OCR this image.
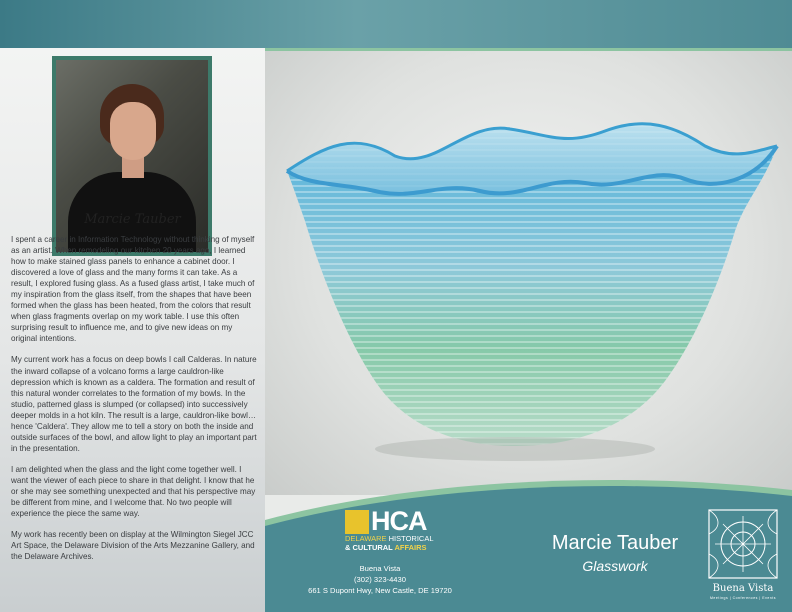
Marcie Tauber

I spent a career in Information Technology without thinking of myself as an artist. When remodeling our kitchen 20 years ago, I learned how to make stained glass panels to enhance a cabinet door. I discovered a love of glass and the many forms it can take. As a result, I explored fusing glass. As a fused glass artist, I take much of my inspiration from the glass itself, from the shapes that have been formed when the glass has been heated, from the colors that result when glass fragments overlap on my work table. I use this often surprising result to influence me, and to give new ideas on my original intentions.

My current work has a focus on deep bowls I call Calderas. In nature the inward collapse of a volcano forms a large cauldron-like depression which is known as a caldera. The formation and result of this natural wonder correlates to the formation of my bowls. In the studio, patterned glass is slumped (or collapsed) into successively deeper molds in a hot kiln. The result is a large, cauldron-like bowl…hence 'Caldera'. They allow me to tell a story on both the inside and outside surfaces of the bowl, and allow light to play an important part in the presentation.

I am delighted when the glass and the light come together well. I want the viewer of each piece to share in that delight. I know that he or she may see something unexpected and that his perspective may be different from mine, and I welcome that. No two people will experience the piece the same way.

My work has recently been on display at the Wilmington Siegel JCC Art Space, the Delaware Division of the Arts Mezzanine Gallery, and the Delaware Archives.

HCA
DELAWARE HISTORICAL
& CULTURAL AFFAIRS
Buena Vista
(302) 323-4430
661 S Dupont Hwy, New Castle, DE 19720
Marcie Tauber
Glasswork
Buena Vista
Meetings | Conferences | Events
